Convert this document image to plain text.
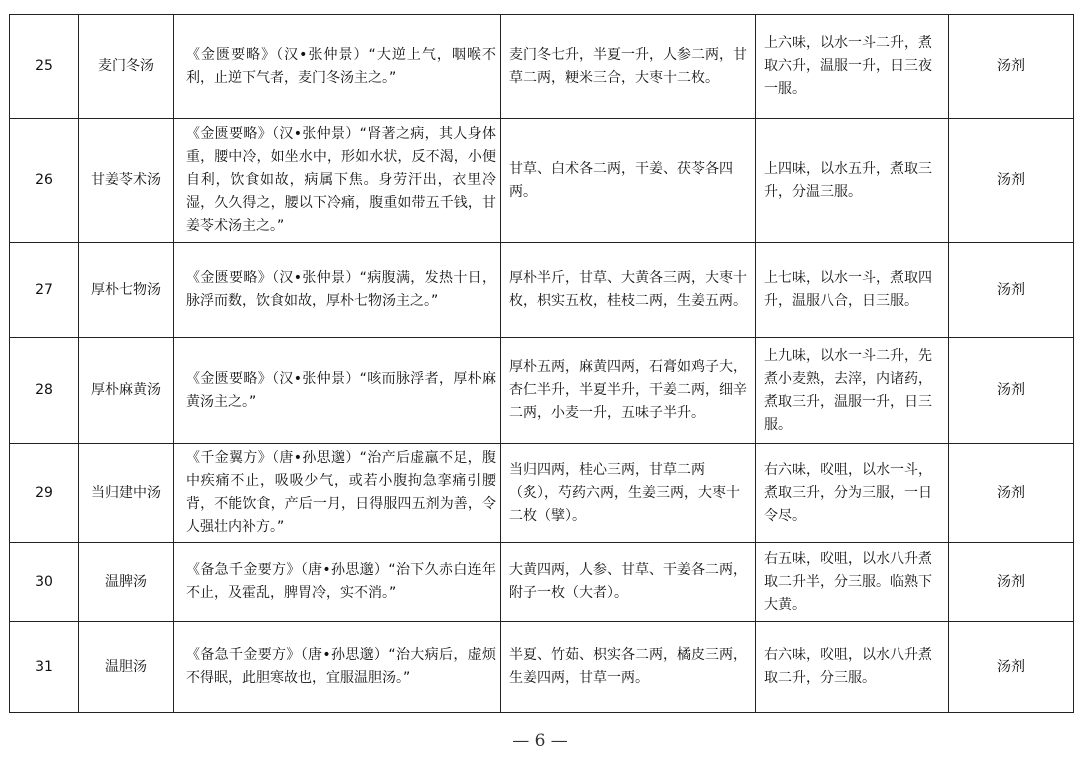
25	麦门冬汤	《金匮要略》（汉•张仲景）“大逆上气，咽喉不利，止逆下气者，麦门冬汤主之。”	麦门冬七升，半夏一升，人参二两，甘草二两，粳米三合，大枣十二枚。	上六味，以水一斗二升，煮取六升，温服一升，日三夜一服。	汤剂
26	甘姜苓术汤	《金匮要略》（汉•张仲景）“肾著之病，其人身体重，腰中冷，如坐水中，形如水状，反不渴，小便自利，饮食如故，病属下焦。身劳汗出，衣里冷湿，久久得之，腰以下冷痛，腹重如带五千钱，甘姜苓术汤主之。”	甘草、白术各二两，干姜、茯苓各四两。	上四味，以水五升，煮取三升，分温三服。	汤剂
27	厚朴七物汤	《金匮要略》（汉•张仲景）“病腹满，发热十日，脉浮而数，饮食如故，厚朴七物汤主之。”	厚朴半斤，甘草、大黄各三两，大枣十枚，枳实五枚，桂枝二两，生姜五两。	上七味，以水一斗，煮取四升，温服八合，日三服。	汤剂
28	厚朴麻黄汤	《金匮要略》（汉•张仲景）“咳而脉浮者，厚朴麻黄汤主之。”	厚朴五两，麻黄四两，石膏如鸡子大，杏仁半升，半夏半升，干姜二两，细辛二两，小麦一升，五味子半升。	上九味，以水一斗二升，先煮小麦熟，去滓，内诸药，煮取三升，温服一升，日三服。	汤剂
29	当归建中汤	《千金翼方》（唐•孙思邈）“治产后虚羸不足，腹中疾痛不止，吸吸少气，或若小腹拘急挛痛引腰背，不能饮食，产后一月，日得服四五剂为善，令人强壮内补方。”	当归四两，桂心三两，甘草二两（炙），芍药六两，生姜三两，大枣十二枚（擘）。	右六味，㕮咀，以水一斗，煮取三升，分为三服，一日令尽。	汤剂
30	温脾汤	《备急千金要方》（唐•孙思邈）“治下久赤白连年不止，及霍乱，脾胃冷，实不消。”	大黄四两，人参、甘草、干姜各二两，附子一枚（大者）。	右五味，㕮咀，以水八升煮取二升半，分三服。临熟下大黄。	汤剂
31	温胆汤	《备急千金要方》（唐•孙思邈）“治大病后，虚烦不得眠，此胆寒故也，宜服温胆汤。”	半夏、竹茹、枳实各二两，橘皮三两，生姜四两，甘草一两。	右六味，㕮咀，以水八升煮取二升，分三服。	汤剂
— 6 —
